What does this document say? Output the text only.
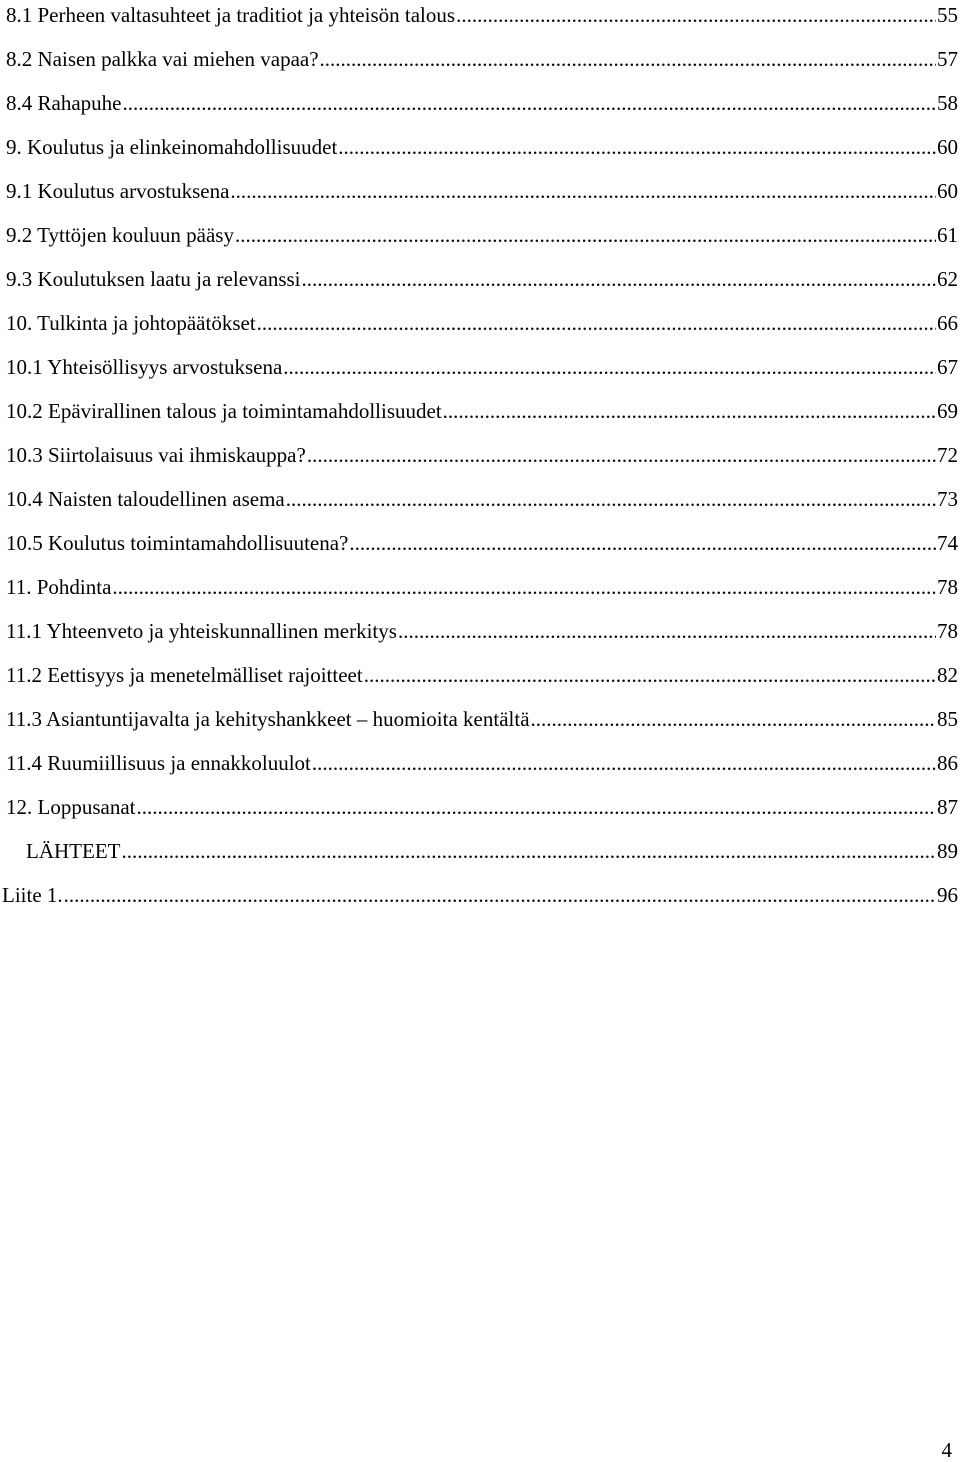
8.1 Perheen valtasuhteet ja traditiot ja yhteisön talous .....	55
8.2 Naisen palkka vai miehen vapaa? .....	57
8.4 Rahapuhe .....	58
9. Koulutus ja elinkeinomahdollisuudet .....	60
9.1 Koulutus arvostuksena .....	60
9.2 Tyttöjen kouluun pääsy .....	61
9.3 Koulutuksen laatu ja relevanssi .....	62
10. Tulkinta ja johtopäätökset .....	66
10.1 Yhteisöllisyys arvostuksena .....	67
10.2 Epävirallinen talous ja toimintamahdollisuudet .....	69
10.3 Siirtolaisuus vai ihmiskauppa? .....	72
10.4 Naisten taloudellinen asema .....	73
10.5 Koulutus toimintamahdollisuutena? .....	74
11. Pohdinta .....	78
11.1 Yhteenveto ja yhteiskunnallinen merkitys .....	78
11.2 Eettisyys ja menetelmälliset rajoitteet .....	82
11.3 Asiantuntijavalta ja kehityshankkeet – huomioita kentältä .....	85
11.4 Ruumiillisuus ja ennakkoluulot .....	86
12. Loppusanat .....	87
LÄHTEET .....	89
Liite 1. .....	96
4
